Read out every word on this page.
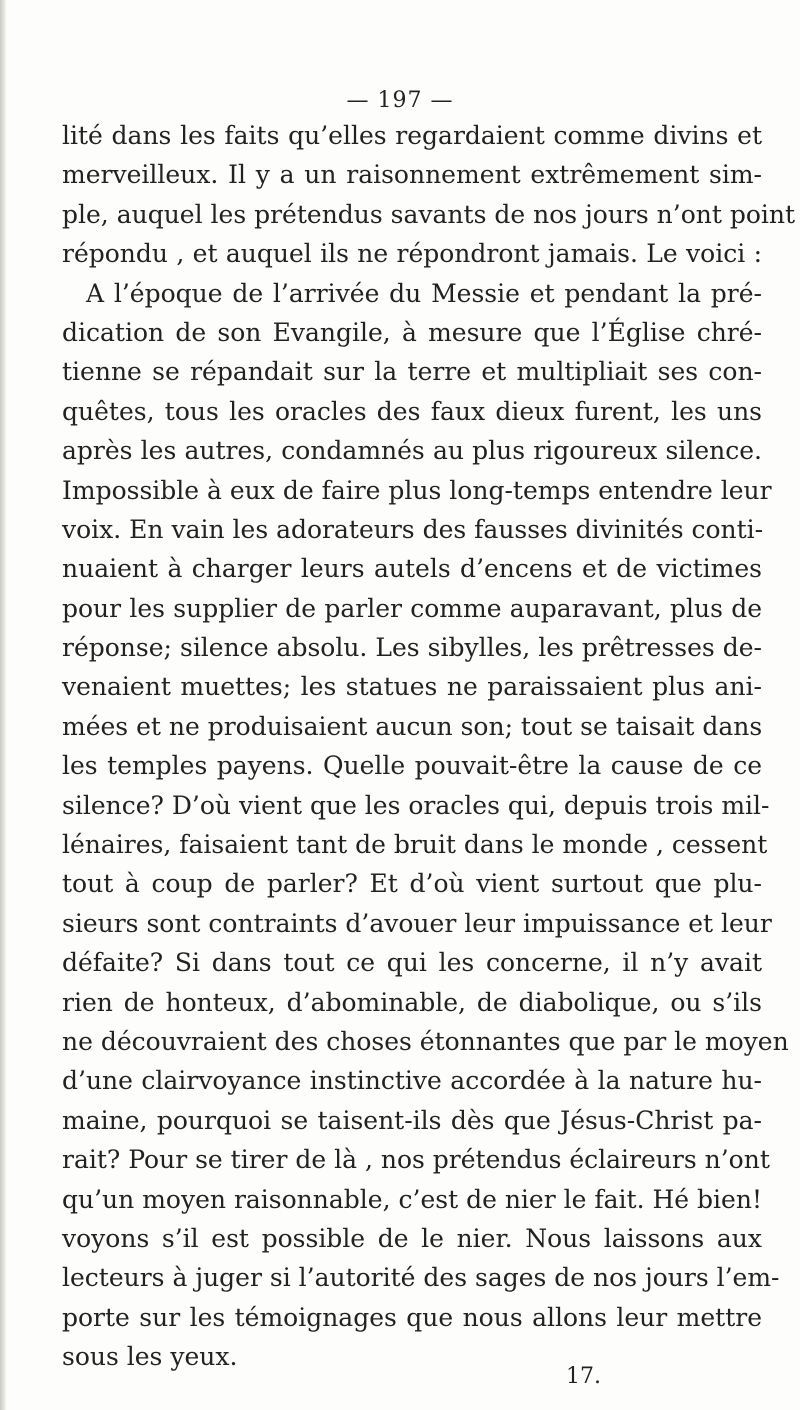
— 197 —
lité dans les faits qu’elles regardaient comme divins et
merveilleux. Il y a un raisonnement extrêmement sim-
ple, auquel les prétendus savants de nos jours n’ont point
répondu , et auquel ils ne répondront jamais. Le voici :
A l’époque de l’arrivée du Messie et pendant la pré-
dication de son Evangile, à mesure que l’Église chré-
tienne se répandait sur la terre et multipliait ses con-
quêtes, tous les oracles des faux dieux furent, les uns
après les autres, condamnés au plus rigoureux silence.
Impossible à eux de faire plus long-temps entendre leur
voix. En vain les adorateurs des fausses divinités conti-
nuaient à charger leurs autels d’encens et de victimes
pour les supplier de parler comme auparavant, plus de
réponse; silence absolu. Les sibylles, les prêtresses de-
venaient muettes; les statues ne paraissaient plus ani-
mées et ne produisaient aucun son; tout se taisait dans
les temples payens. Quelle pouvait-être la cause de ce
silence? D’où vient que les oracles qui, depuis trois mil-
lénaires, faisaient tant de bruit dans le monde , cessent
tout à coup de parler? Et d’où vient surtout que plu-
sieurs sont contraints d’avouer leur impuissance et leur
défaite? Si dans tout ce qui les concerne, il n’y avait
rien de honteux, d’abominable, de diabolique, ou s’ils
ne découvraient des choses étonnantes que par le moyen
d’une clairvoyance instinctive accordée à la nature hu-
maine, pourquoi se taisent-ils dès que Jésus-Christ pa-
rait? Pour se tirer de là , nos prétendus éclaireurs n’ont
qu’un moyen raisonnable, c’est de nier le fait. Hé bien!
voyons s’il est possible de le nier. Nous laissons aux
lecteurs à juger si l’autorité des sages de nos jours l’em-
porte sur les témoignages que nous allons leur mettre
sous les yeux.
17.
